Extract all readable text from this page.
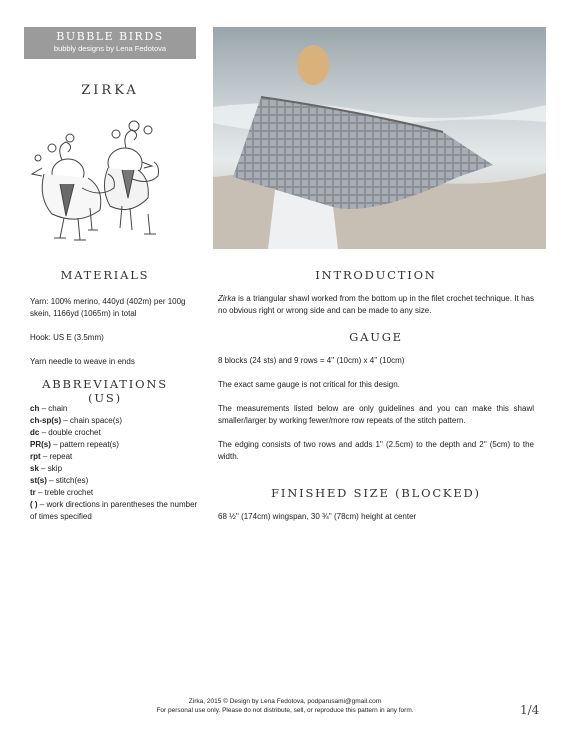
BUBBLE BIRDS
bubbly designs by Lena Fedotova
ZIRKA
MATERIALS

Yarn: 100% merino, 440yd (402m) per 100g skein, 1166yd (1065m) in total

Hook: US E (3.5mm)

Yarn needle to weave in ends

ABBREVIATIONS (US)

ch – chain

ch-sp(s) – chain space(s)

dc – double crochet

PR(s) – pattern repeat(s)

rpt – repeat

sk – skip

st(s) – stitch(es)

tr – treble crochet

( ) – work directions in parentheses the number of times specified

INTRODUCTION

Zirka is a triangular shawl worked from the bottom up in the filet crochet technique. It has no obvious right or wrong side and can be made to any size.

GAUGE

8 blocks (24 sts) and 9 rows = 4'' (10cm) x 4'' (10cm)

The exact same gauge is not critical for this design.

The measurements listed below are only guidelines and you can make this shawl smaller/larger by working fewer/more row repeats of the stitch pattern.

The edging consists of two rows and adds 1'' (2.5cm) to the depth and 2'' (5cm) to the width.

FINISHED SIZE (BLOCKED)
68 ½'' (174cm) wingspan, 30 ¾'' (78cm) height at center
Zirka, 2015 © Design by Lena Fedotova, podparusami@gmail.com
For personal use only. Please do not distribute, sell, or reproduce this pattern in any form.	1/4
